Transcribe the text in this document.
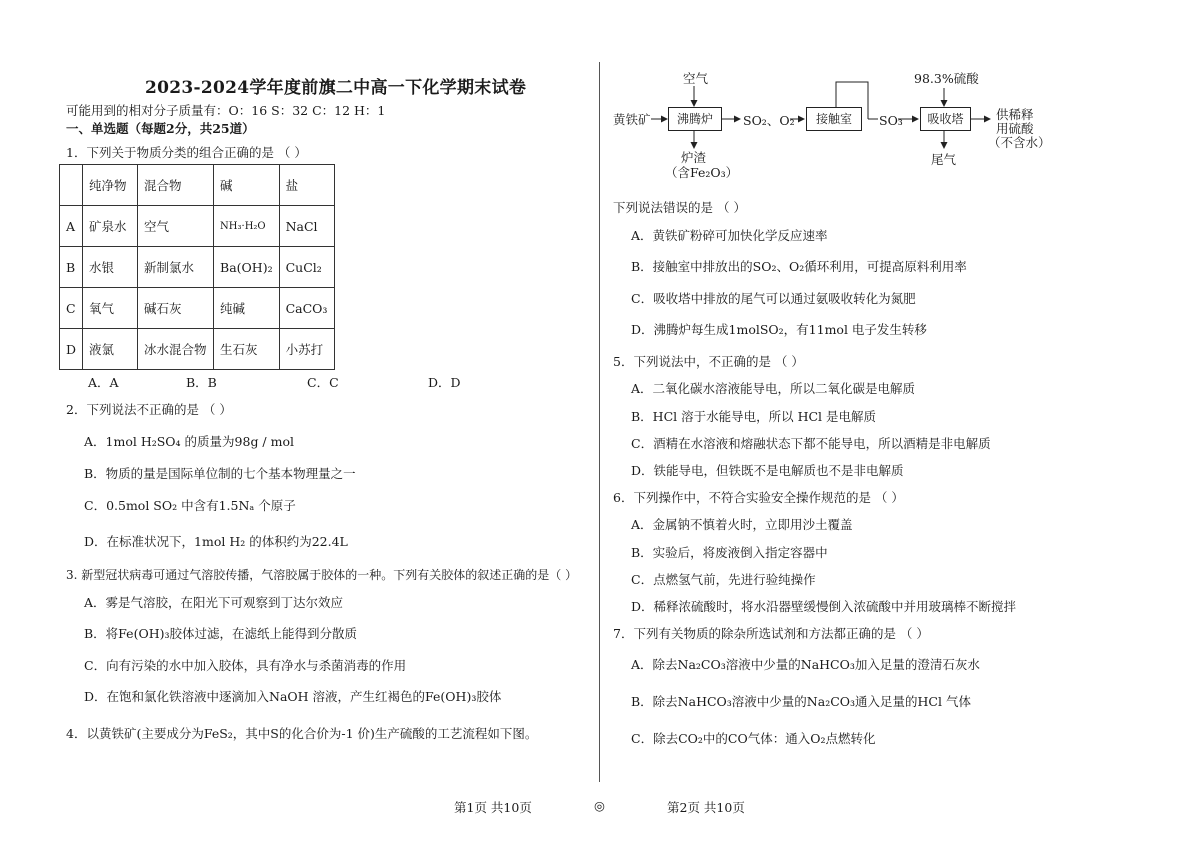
2023-2024学年度前旗二中高一下化学期末试卷
可能用到的相对分子质量有：O：16 S：32 C：12 H：1
一、单选题（每题2分，共25道）
1．下列关于物质分类的组合正确的是 （ ）
	纯净物	混合物	碱	盐
A	矿泉水	空气	NH₃·H₂O	NaCl
B	水银	新制氯水	Ba(OH)₂	CuCl₂
C	氧气	碱石灰	纯碱	CaCO₃
D	液氯	冰水混合物	生石灰	小苏打
A．A	B．B	C．C	D．D
2．下列说法不正确的是 （ ）
A．1mol H₂SO₄ 的质量为98g / mol
B．物质的量是国际单位制的七个基本物理量之一
C．0.5mol SO₂ 中含有1.5Nₐ 个原子
D．在标准状况下，1mol H₂ 的体积约为22.4L
3. 新型冠状病毒可通过气溶胶传播，气溶胶属于胶体的一种。下列有关胶体的叙述正确的是（ ）
A．雾是气溶胶，在阳光下可观察到丁达尔效应
B．将Fe(OH)₃胶体过滤，在滤纸上能得到分散质
C．向有污染的水中加入胶体，具有净水与杀菌消毒的作用
D．在饱和氯化铁溶液中逐滴加入NaOH 溶液，产生红褐色的Fe(OH)₃胶体
4．以黄铁矿(主要成分为FeS₂，其中S的化合价为-1 价)生产硫酸的工艺流程如下图。
空气
黄铁矿	沸腾炉	SO₂、O₂	接触室	SO₃
98.3%硫酸
吸收塔	供稀释
用硫酸
（不含水）
炉渣
（含Fe₂O₃）
尾气
下列说法错误的是 （ ）
A．黄铁矿粉碎可加快化学反应速率
B．接触室中排放出的SO₂、O₂循环利用，可提高原料利用率
C．吸收塔中排放的尾气可以通过氨吸收转化为氮肥
D．沸腾炉每生成1molSO₂，有11mol 电子发生转移
5．下列说法中，不正确的是 （ ）
A．二氧化碳水溶液能导电，所以二氧化碳是电解质
B．HCl 溶于水能导电，所以 HCl 是电解质
C．酒精在水溶液和熔融状态下都不能导电，所以酒精是非电解质
D．铁能导电，但铁既不是电解质也不是非电解质
6．下列操作中，不符合实验安全操作规范的是 （ ）
A．金属钠不慎着火时，立即用沙土覆盖
B．实验后，将废液倒入指定容器中
C．点燃氢气前，先进行验纯操作
D．稀释浓硫酸时，将水沿器壁缓慢倒入浓硫酸中并用玻璃棒不断搅拌
7．下列有关物质的除杂所选试剂和方法都正确的是 （ ）
A．除去Na₂CO₃溶液中少量的NaHCO₃加入足量的澄清石灰水
B．除去NaHCO₃溶液中少量的Na₂CO₃通入足量的HCl 气体
C．除去CO₂中的CO气体：通入O₂点燃转化
第1页 共10页	◎	第2页 共10页
